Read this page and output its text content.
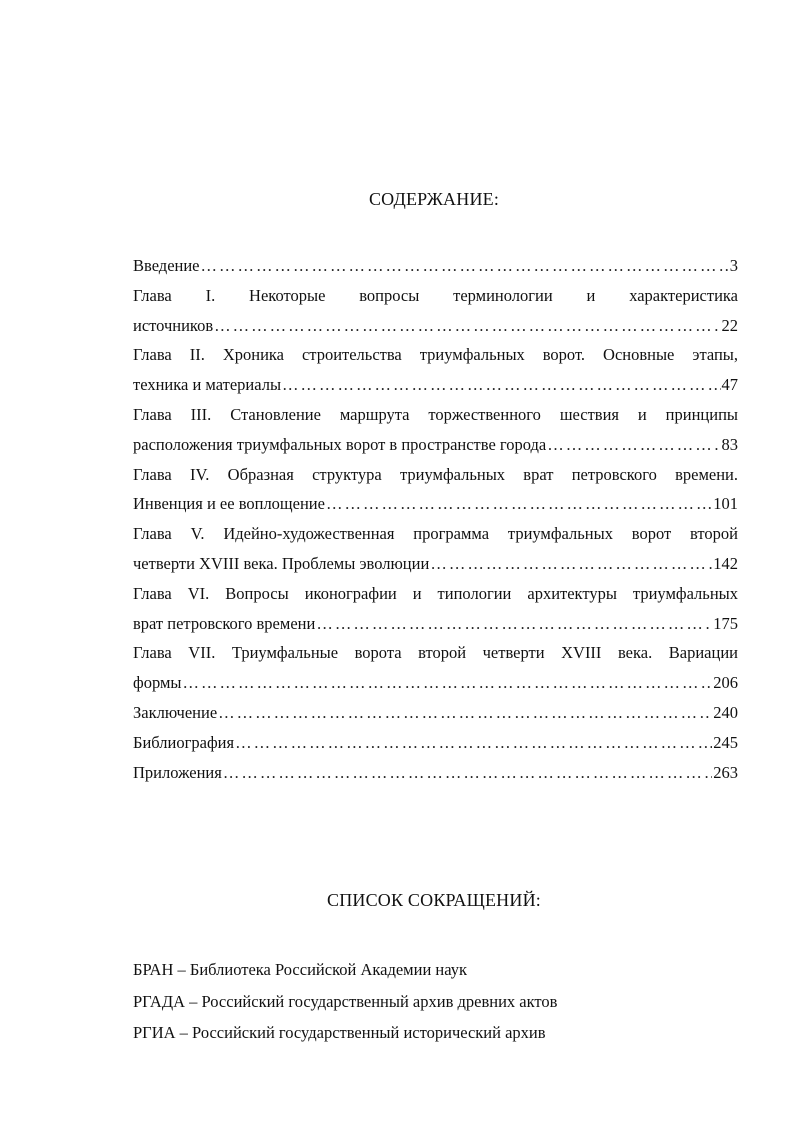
СОДЕРЖАНИЕ:
Введение …………………………………………………………………………………………………………………………………………………………	3
Глава I. Некоторые вопросы терминологии и характеристика
источников …………………………………………………………………………………………………………………………………………………………	22
Глава II. Хроника строительства триумфальных ворот. Основные этапы,
техника и материалы …………………………………………………………………………………………………………………………………………………………	47
Глава III. Становление маршрута торжественного шествия и принципы
расположения триумфальных ворот в пространстве города …………………………………………………………………………………………………………………………………………………………	83
Глава IV. Образная структура триумфальных врат петровского времени.
Инвенция и ее воплощение …………………………………………………………………………………………………………………………………………………………	101
Глава V. Идейно-художественная программа триумфальных ворот второй
четверти XVIII века. Проблемы эволюции …………………………………………………………………………………………………………………………………………………………	142
Глава VI. Вопросы иконографии и типологии архитектуры триумфальных
врат петровского времени …………………………………………………………………………………………………………………………………………………………	175
Глава VII. Триумфальные ворота второй четверти XVIII века. Вариации
формы …………………………………………………………………………………………………………………………………………………………	206
Заключение …………………………………………………………………………………………………………………………………………………………	240
Библиография …………………………………………………………………………………………………………………………………………………………	245
Приложения …………………………………………………………………………………………………………………………………………………………	263
СПИСОК СОКРАЩЕНИЙ:
БРАН – Библиотека Российской Академии наук
РГАДА – Российский государственный архив древних актов
РГИА – Российский государственный исторический архив
